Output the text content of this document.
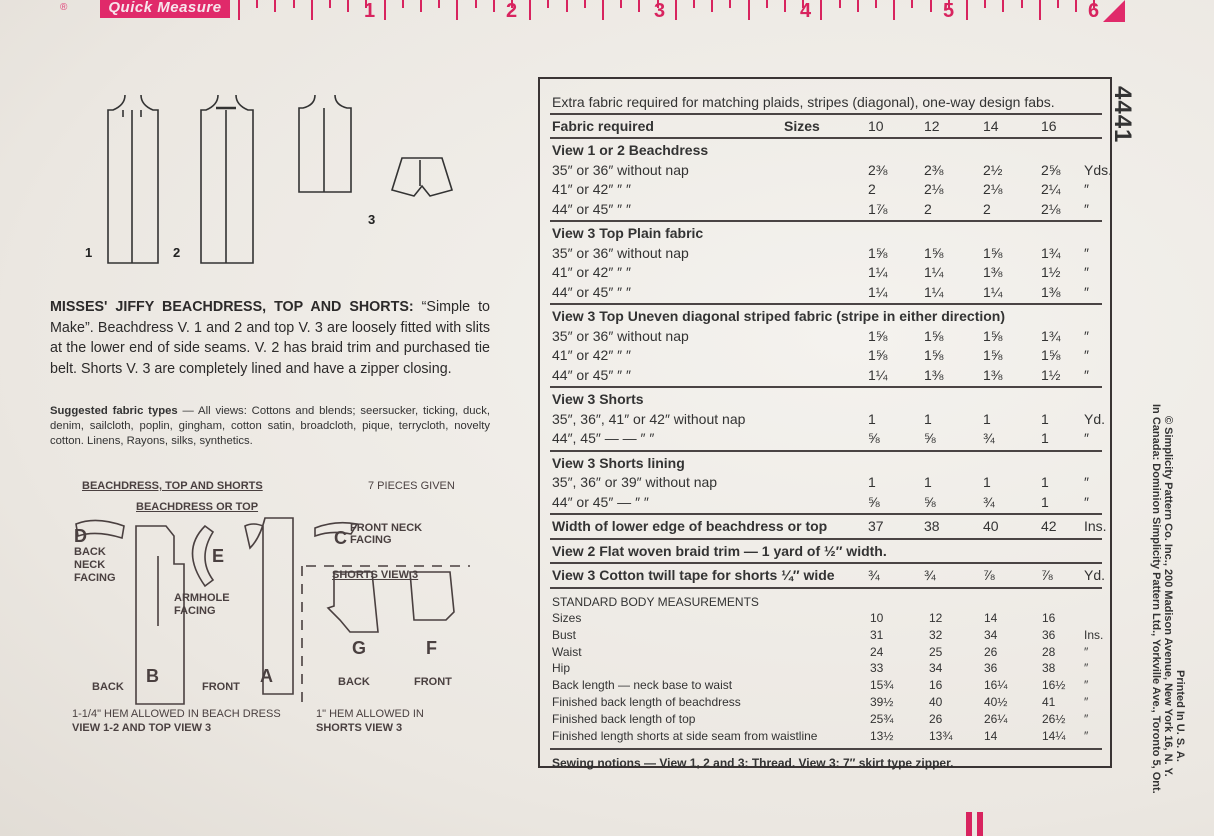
®	Quick Measure	1	2	3	4	5	6
1	2
3
MISSES' JIFFY BEACHDRESS, TOP AND SHORTS: “Simple to Make”. Beachdress V. 1 and 2 and top V. 3 are loosely fitted with slits at the lower end of side seams. V. 2 has braid trim and purchased tie belt. Shorts V. 3 are completely lined and have a zipper closing.
Suggested fabric types — All views: Cottons and blends; seersucker, ticking, duck, denim, sailcloth, poplin, gingham, cotton satin, broadcloth, pique, terrycloth, novelty cotton. Linens, Rayons, silks, synthetics.
BEACHDRESS, TOP AND SHORTS	7 PIECES GIVEN
BEACHDRESS OR TOP
D
BACK NECK FACING
B
BACK
E
ARMHOLE FACING
A
FRONT
C FRONT NECK FACING
SHORTS VIEW 3
G
BACK
F
FRONT
1-1/4" HEM ALLOWED IN BEACH DRESS
VIEW 1-2 AND TOP VIEW 3
1" HEM ALLOWED IN
SHORTS VIEW 3
Extra fabric required for matching plaids, stripes (diagonal), one-way design fabs.
Fabric required	Sizes	10	12	14	16
View 1 or 2 Beachdress
35″ or 36″ without nap	2⅜	2⅜	2½	2⅝	Yds.
41″ or 42″ ″ ″	2	2⅛	2⅛	2¼	″
44″ or 45″ ″ ″	1⅞	2	2	2⅛	″
View 3 Top Plain fabric
35″ or 36″ without nap	1⅝	1⅝	1⅝	1¾	″
41″ or 42″ ″ ″	1¼	1¼	1⅜	1½	″
44″ or 45″ ″ ″	1¼	1¼	1¼	1⅜	″
View 3 Top Uneven diagonal striped fabric (stripe in either direction)
35″ or 36″ without nap	1⅝	1⅝	1⅝	1¾	″
41″ or 42″ ″ ″	1⅝	1⅝	1⅝	1⅝	″
44″ or 45″ ″ ″	1¼	1⅜	1⅜	1½	″
View 3 Shorts
35″, 36″, 41″ or 42″ without nap	1	1	1	1	Yd.
44″, 45″ — — ″ ″	⅝	⅝	¾	1	″
View 3 Shorts lining
35″, 36″ or 39″ without nap	1	1	1	1	″
44″ or 45″ — ″ ″	⅝	⅝	¾	1	″
Width of lower edge of beachdress or top	37	38	40	42	Ins.
View 2 Flat woven braid trim — 1 yard of ½″ width.
View 3 Cotton twill tape for shorts ¼″ wide ¾	¾	⅞	⅞	Yd.
STANDARD BODY MEASUREMENTS
Sizes	10	12	14	16
Bust	31	32	34	36	Ins.
Waist	24	25	26	28	″
Hip	33	34	36	38	″
Back length — neck base to waist	15¾	16	16¼	16½	″
Finished back length of beachdress	39½	40	40½	41	″
Finished back length of top	25¾	26	26¼	26½	″
Finished length shorts at side seam from waistline	13½	13¾	14	14¼	″
Sewing notions — View 1, 2 and 3: Thread. View 3: 7″ skirt type zipper.
4441
Printed In U. S. A.
© Simplicity Pattern Co. Inc., 200 Madison Avenue, New York 16, N. Y.
In Canada: Dominion Simplicity Pattern Ltd., Yorkville Ave., Toronto 5, Ont.
